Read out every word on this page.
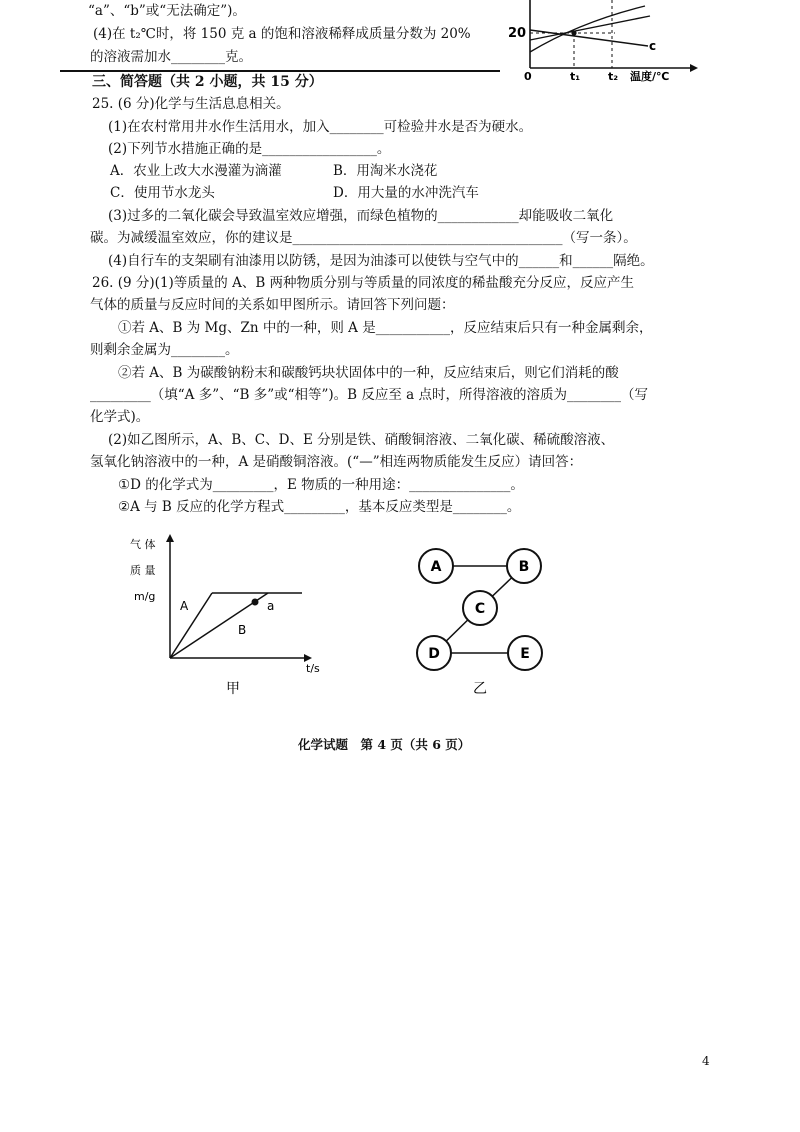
“a”、“b”或“无法确定”)。
(4)在 t₂℃时，将 150 克 a 的饱和溶液稀释成质量分数为 20%
的溶液需加水________克。
20
c
0	t₁	t₂ 温度/℃
三、简答题（共 2 小题，共 15 分）
25. (6 分)化学与生活息息相关。
(1)在农村常用井水作生活用水，加入________可检验井水是否为硬水。
(2)下列节水措施正确的是_________________。
A．农业上改大水漫灌为滴灌	B．用淘米水浇花
C．使用节水龙头	D．用大量的水冲洗汽车
(3)过多的二氧化碳会导致温室效应增强，而绿色植物的____________却能吸收二氧化
碳。为减缓温室效应，你的建议是________________________________________（写一条）。
(4)自行车的支架刷有油漆用以防锈，是因为油漆可以使铁与空气中的______和______隔绝。
26. (9 分)(1)等质量的 A、B 两种物质分别与等质量的同浓度的稀盐酸充分反应，反应产生
气体的质量与反应时间的关系如甲图所示。请回答下列问题：
①若 A、B 为 Mg、Zn 中的一种，则 A 是___________，反应结束后只有一种金属剩余，
则剩余金属为________。
②若 A、B 为碳酸钠粉末和碳酸钙块状固体中的一种，反应结束后，则它们消耗的酸
_________（填“A 多”、“B 多”或“相等”)。B 反应至 a 点时，所得溶液的溶质为________（写
化学式)。
(2)如乙图所示，A、B、C、D、E 分别是铁、硝酸铜溶液、二氧化碳、稀硫酸溶液、
氢氧化钠溶液中的一种，A 是硝酸铜溶液。(“—”相连两物质能发生反应）请回答：
①D 的化学式为_________，E 物质的一种用途：_______________。
②A 与 B 反应的化学方程式_________，基本反应类型是________。
气 体
质 量
m/g
A
B
a
t/s
甲
A	B
C
D	E
乙
化学试题　第 4 页（共 6 页）
4
